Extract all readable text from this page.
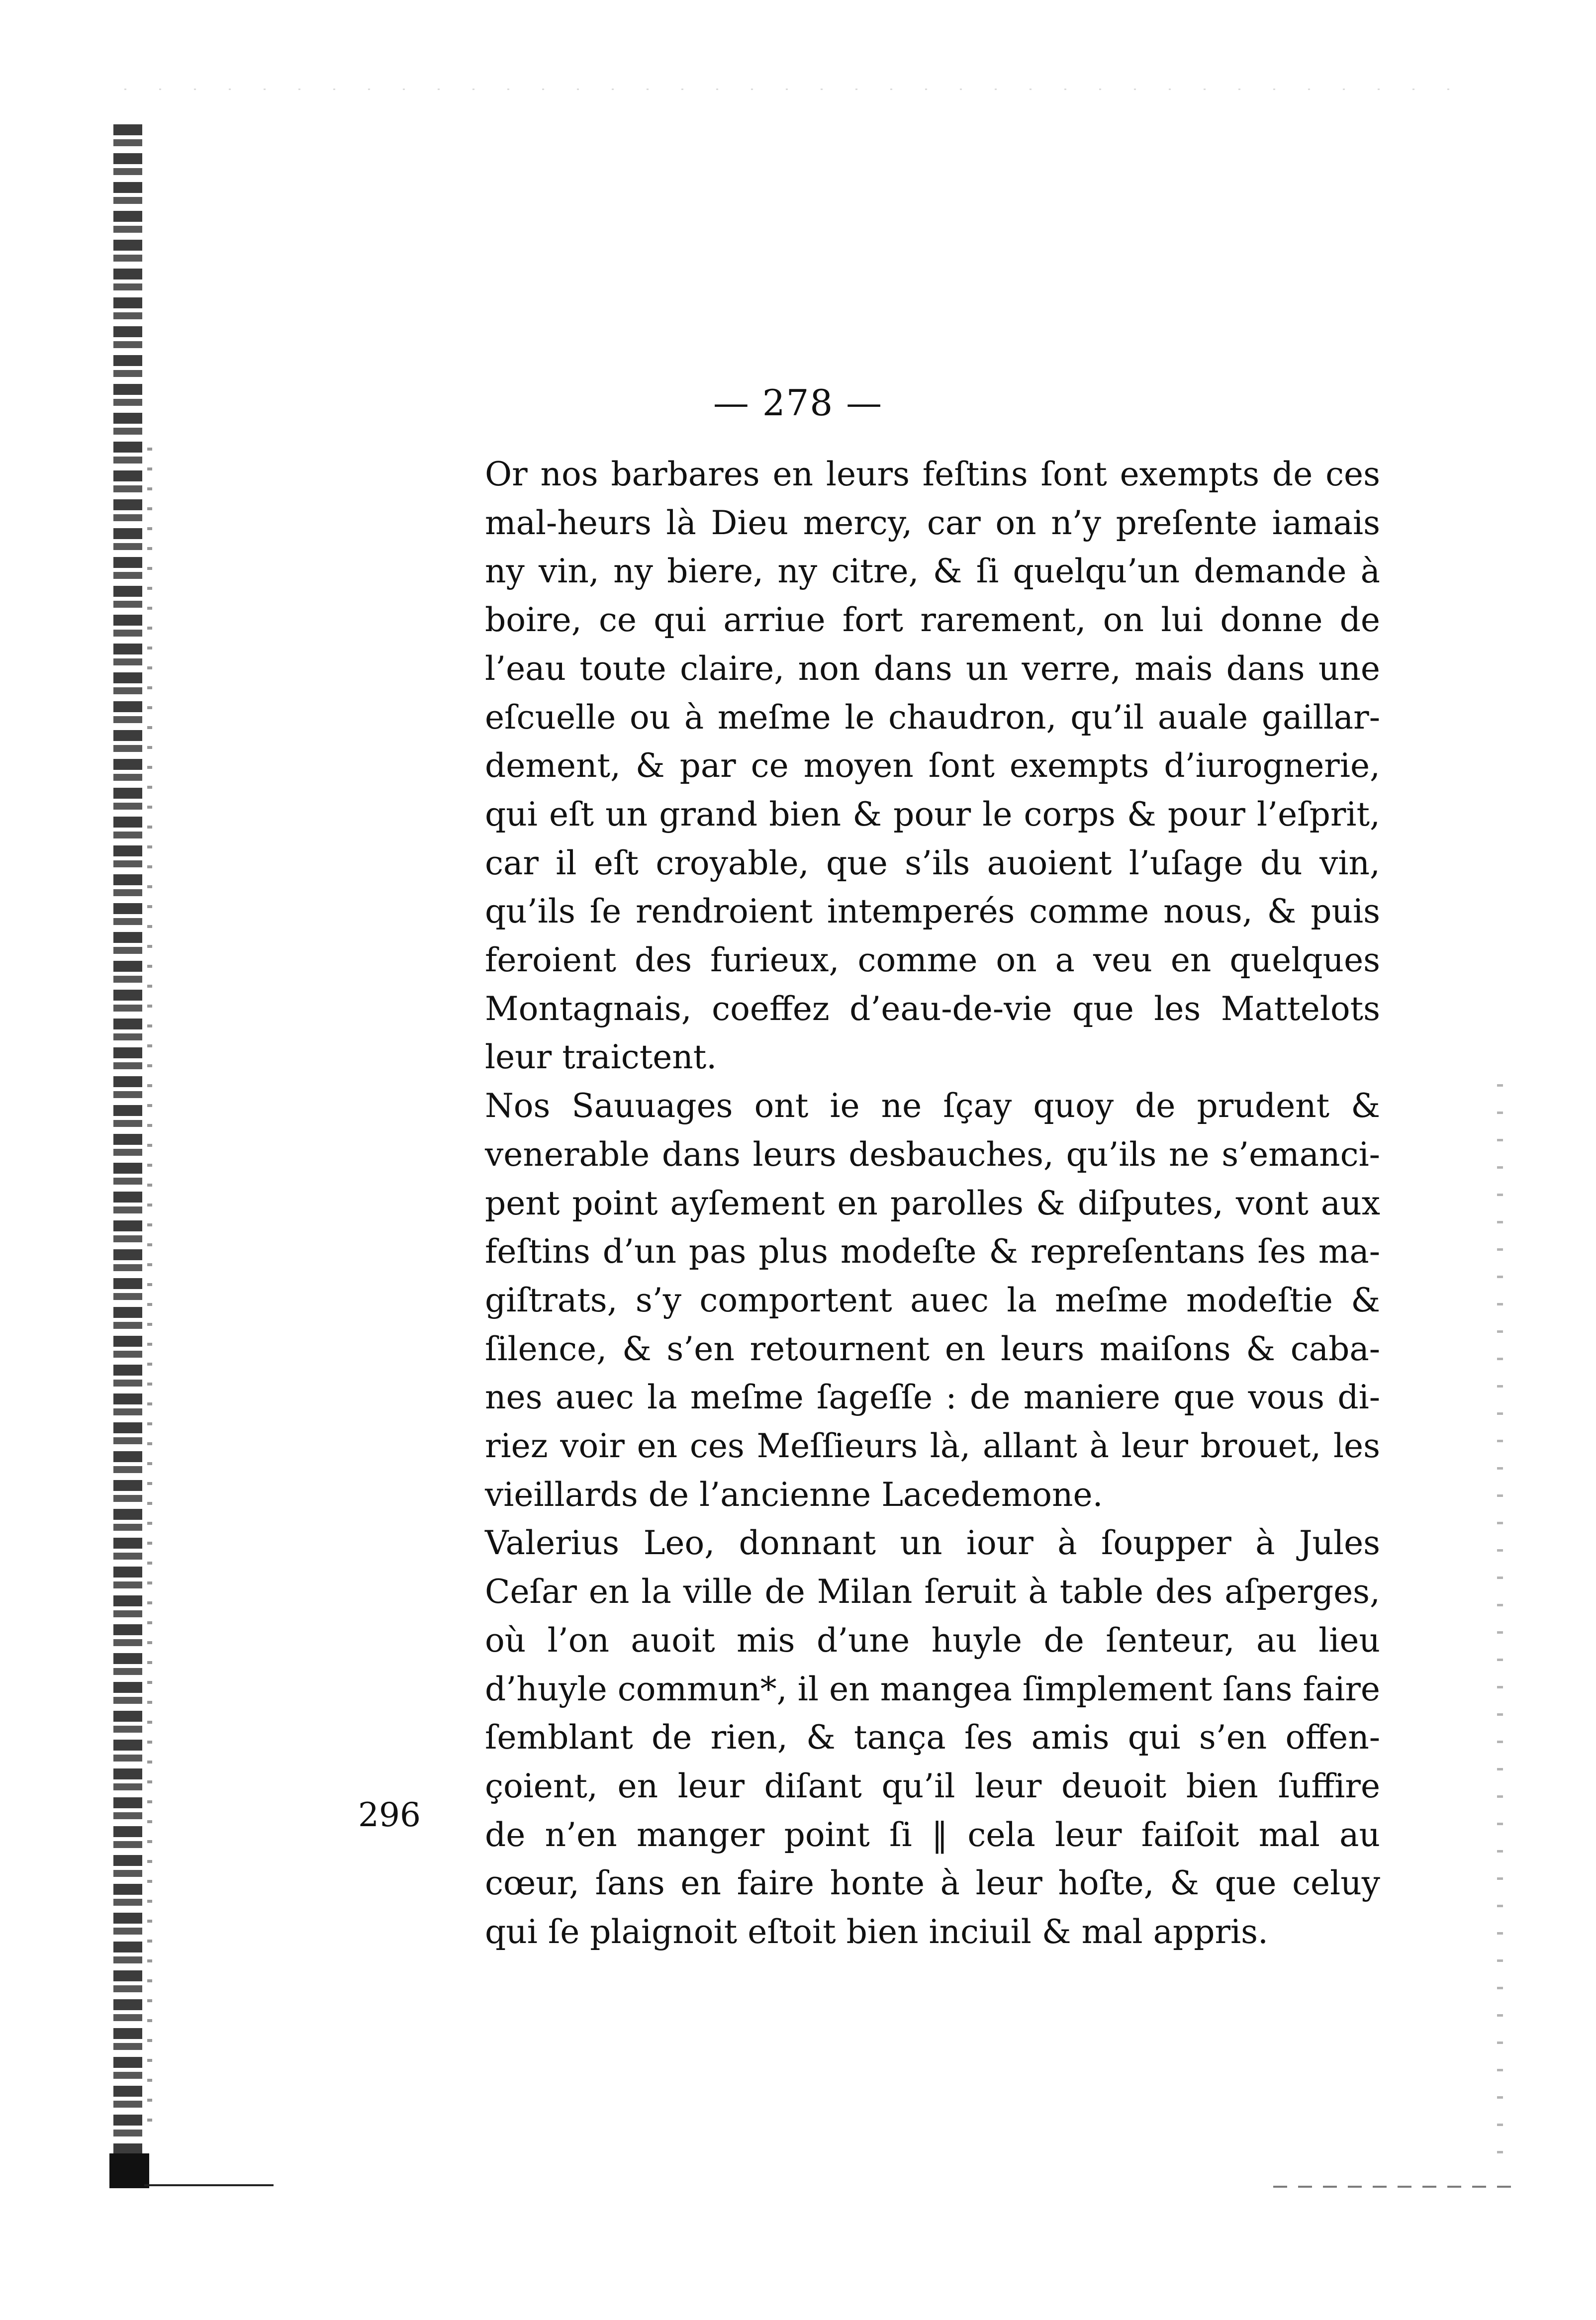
— 278 —
296

Or nos barbares en leurs feſtins ſont exempts de ces
mal-heurs là Dieu mercy, car on n’y preſente iamais
ny vin, ny biere, ny citre, & ſi quelqu’un demande à
boire, ce qui arriue fort rarement, on lui donne de
l’eau toute claire, non dans un verre, mais dans une
eſcuelle ou à meſme le chaudron, qu’il auale gaillar-
dement, & par ce moyen ſont exempts d’iurognerie,
qui eſt un grand bien & pour le corps & pour l’eſprit,
car il eſt croyable, que s’ils auoient l’uſage du vin,
qu’ils ſe rendroient intemperés comme nous, & puis
feroient des furieux, comme on a veu en quelques
Montagnais, coeffez d’eau-de-vie que les Mattelots
leur traictent.

Nos Sauuages ont ie ne ſçay quoy de prudent &
venerable dans leurs desbauches, qu’ils ne s’emanci-
pent point ayſement en parolles & diſputes, vont aux
feſtins d’un pas plus modeſte & repreſentans ſes ma-
giſtrats, s’y comportent auec la meſme modeſtie &
ſilence, & s’en retournent en leurs maiſons & caba-
nes auec la meſme ſageſſe : de maniere que vous di-
riez voir en ces Meſſieurs là, allant à leur brouet, les
vieillards de l’ancienne Lacedemone.

Valerius Leo, donnant un iour à ſoupper à Jules
Ceſar en la ville de Milan ſeruit à table des aſperges,
où l’on auoit mis d’une huyle de ſenteur, au lieu
d’huyle commun*, il en mangea ſimplement ſans faire
ſemblant de rien, & tança ſes amis qui s’en offen-
çoient, en leur diſant qu’il leur deuoit bien ſuffire
de n’en manger point ſi ‖ cela leur faiſoit mal au
cœur, ſans en faire honte à leur hoſte, & que celuy
qui ſe plaignoit eſtoit bien inciuil & mal appris.
